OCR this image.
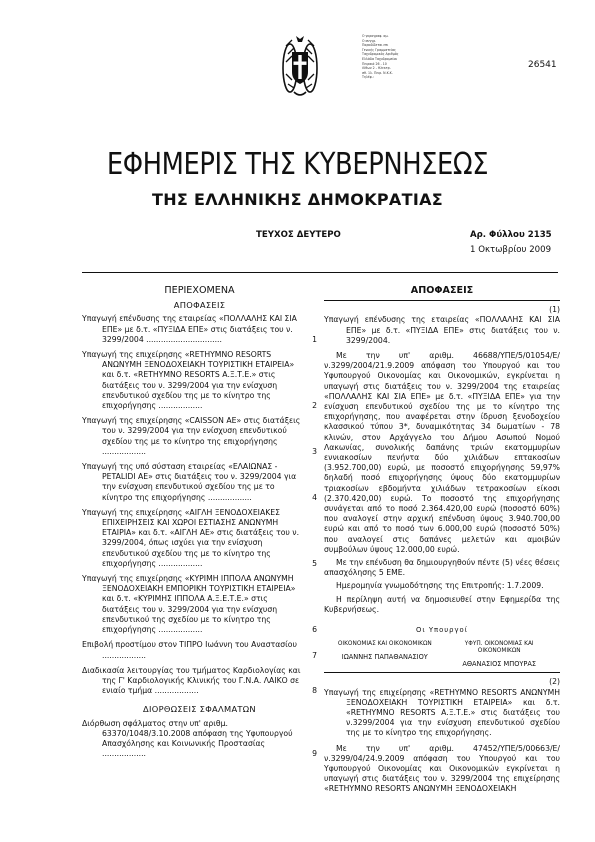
Ο γκρογραφ. αμ.
Ο συγγρ.
Παραδίδεται επι
Γενικής Γραμματείας
Ταχυδρομικός Αριθμός
Ελλάδα Ταχυδρομείου
Πειραιά 26 - 10
Λίθων 2 - Ηλεκτρ.
σθ. 1λ. Πειρ. Ν.Κ.Κ.
Τηλέφ.:
26541
ΕΦΗΜΕΡΙΣ ΤΗΣ ΚΥΒΕΡΝΗΣΕΩΣ
ΤΗΣ ΕΛΛΗΝΙΚΗΣ ΔΗΜΟΚΡΑΤΙΑΣ
ΤΕΥΧΟΣ ΔΕΥΤΕΡΟ	Αρ. Φύλλου 2135
1 Οκτωβρίου 2009
ΠΕΡΙΕΧΟΜΕΝΑ
ΑΠΟΦΑΣΕΙΣ
Υπαγωγή επένδυσης της εταιρείας «ΠΟΛΛΑΛΗΣ ΚΑΙ ΣΙΑ ΕΠΕ» με δ.τ. «ΠΥΞΙΔΑ ΕΠΕ» στις διατάξεις του ν. 3299/2004 ...............................	1
Υπαγωγή της επιχείρησης «RETHYMNO RESORTS ΑΝΩΝΥΜΗ ΞΕΝΟΔΟΧΕΙΑΚΗ ΤΟΥΡΙΣΤΙΚΗ ΕΤΑΙΡΕΙΑ» και δ.τ. «RETHYMNO RESORTS Α.Ξ.Τ.Ε.» στις διατάξεις του ν. 3299/2004 για την ενίσχυση επενδυτικού σχεδίου της με το κίνητρο της επιχορήγησης ..................	2
Υπαγωγή της επιχείρησης «CAISSON ΑΕ» στις διατάξεις του ν. 3299/2004 για την ενίσχυση επενδυτικού σχεδίου της με το κίνητρο της επιχορήγησης ..................	3
Υπαγωγή της υπό σύσταση εταιρείας «ΕΛΑΙΩΝΑΣ - PETALIDI ΑΕ» στις διατάξεις του ν. 3299/2004 για την ενίσχυση επενδυτικού σχεδίου της με το κίνητρο της επιχορήγησης ..................	4
Υπαγωγή της επιχείρησης «ΑΙΓΛΗ ΞΕΝΟΔΟΧΕΙΑΚΕΣ ΕΠΙΧΕΙΡΗΣΕΙΣ ΚΑΙ ΧΩΡΟΙ ΕΣΤΙΑΣΗΣ ΑΝΩΝΥΜΗ ΕΤΑΙΡΙΑ» και δ.τ. «ΑΙΓΛΗ ΑΕ» στις διατάξεις του ν. 3299/2004, όπως ισχύει για την ενίσχυση επενδυτικού σχεδίου της με το κίνητρο της επιχορήγησης ..................	5
Υπαγωγή της επιχείρησης «ΚΥΡΙΜΗ ΙΠΠΟΛΑ ΑΝΩΝΥΜΗ ΞΕΝΟΔΟΧΕΙΑΚΗ ΕΜΠΟΡΙΚΗ ΤΟΥΡΙΣΤΙΚΗ ΕΤΑΙΡΕΙΑ» και δ.τ. «ΚΥΡΙΜΗΣ ΙΠΠΟΛΑ Α.Ξ.Ε.Τ.Ε.» στις διατάξεις του ν. 3299/2004 για την ενίσχυση επενδυτικού της σχεδίου με το κίνητρο της επιχορήγησης ..................	6
Επιβολή προστίμου στον ΤΙΠΡΟ Ιωάννη του Αναστασίου ..................	7
Διαδικασία λειτουργίας του τμήματος Καρδιολογίας και της Γ' Καρδιολογικής Κλινικής του Γ.Ν.Α. ΛΑΙΚΟ σε ενιαίο τμήμα ..................	8
ΔΙΟΡΘΩΣΕΙΣ ΣΦΑΛΜΑΤΩΝ
Διόρθωση σφάλματος στην υπ' αριθμ. 63370/1048/3.10.2008 απόφαση της Υφυπουργού Απασχόλησης και Κοινωνικής Προστασίας ..................	9
ΑΠΟΦΑΣΕΙΣ
(1)
Υπαγωγή επένδυσης της εταιρείας «ΠΟΛΛΑΛΗΣ ΚΑΙ ΣΙΑ ΕΠΕ» με δ.τ. «ΠΥΞΙΔΑ ΕΠΕ» στις διατάξεις του ν. 3299/2004.

Με την υπ' αριθμ. 46688/ΥΠΕ/5/01054/Ε/ν.3299/2004/21.9.2009 απόφαση του Υπουργού και του Υφυπουργού Οικονομίας και Οικονομικών, εγκρίνεται η υπαγωγή στις διατάξεις του ν. 3299/2004 της εταιρείας «ΠΟΛΛΑΛΗΣ ΚΑΙ ΣΙΑ ΕΠΕ» με δ.τ. «ΠΥΞΙΔΑ ΕΠΕ» για την ενίσχυση επενδυτικού σχεδίου της με το κίνητρο της επιχορήγησης, που αναφέρεται στην ίδρυση ξενοδοχείου κλασσικού τύπου 3*, δυναμικότητας 34 δωματίων - 78 κλινών, στον Αρχάγγελο του Δήμου Ασωπού Νομού Λακωνίας, συνολικής δαπάνης τριών εκατομμυρίων εννιακοσίων πενήντα δύο χιλιάδων επτακοσίων (3.952.700,00) ευρώ, με ποσοστό επιχορήγησης 59,97% δηλαδή ποσό επιχορήγησης ύψους δύο εκατομμυρίων τριακοσίων εβδομήντα χιλιάδων τετρακοσίων είκοσι (2.370.420,00) ευρώ. Το ποσοστό της επιχορήγησης συνάγεται από το ποσό 2.364.420,00 ευρώ (ποσοστό 60%) που αναλογεί στην αρχική επένδυση ύψους 3.940.700,00 ευρώ και από το ποσό των 6.000,00 ευρώ (ποσοστό 50%) που αναλογεί στις δαπάνες μελετών και αμοιβών συμβούλων ύψους 12.000,00 ευρώ.

Με την επένδυση θα δημιουργηθούν πέντε (5) νέες θέσεις απασχόλησης 5 ΕΜΕ.

Ημερομηνία γνωμοδότησης της Επιτροπής: 1.7.2009.

Η περίληψη αυτή να δημοσιευθεί στην Εφημερίδα της Κυβερνήσεως.

Οι Υπουργοί
ΟΙΚΟΝΟΜΙΑΣ ΚΑΙ ΟΙΚΟΝΟΜΙΚΩΝ
ΙΩΑΝΝΗΣ ΠΑΠΑΘΑΝΑΣΙΟΥ
ΥΦΥΠ. ΟΙΚΟΝΟΜΙΑΣ ΚΑΙ ΟΙΚΟΝΟΜΙΚΩΝ
ΑΘΑΝΑΣΙΟΣ ΜΠΟΥΡΑΣ
(2)
Υπαγωγή της επιχείρησης «RETHYMNO RESORTS ΑΝΩΝΥΜΗ ΞΕΝΟΔΟΧΕΙΑΚΗ ΤΟΥΡΙΣΤΙΚΗ ΕΤΑΙΡΕΙΑ» και δ.τ. «RETHYMNO RESORTS Α.Ξ.Τ.Ε.» στις διατάξεις του ν.3299/2004 για την ενίσχυση επενδυτικού σχεδίου της με το κίνητρο της επιχορήγησης.

Με την υπ' αριθμ. 47452/ΥΠΕ/5/00663/Ε/ν.3299/04/24.9.2009 απόφαση του Υπουργού και του Υφυπουργού Οικονομίας και Οικονομικών εγκρίνεται η υπαγωγή στις διατάξεις του ν. 3299/2004 της επιχείρησης «RETHYMNO RESORTS ΑΝΩΝΥΜΗ ΞΕΝΟΔΟΧΕΙΑΚΗ
